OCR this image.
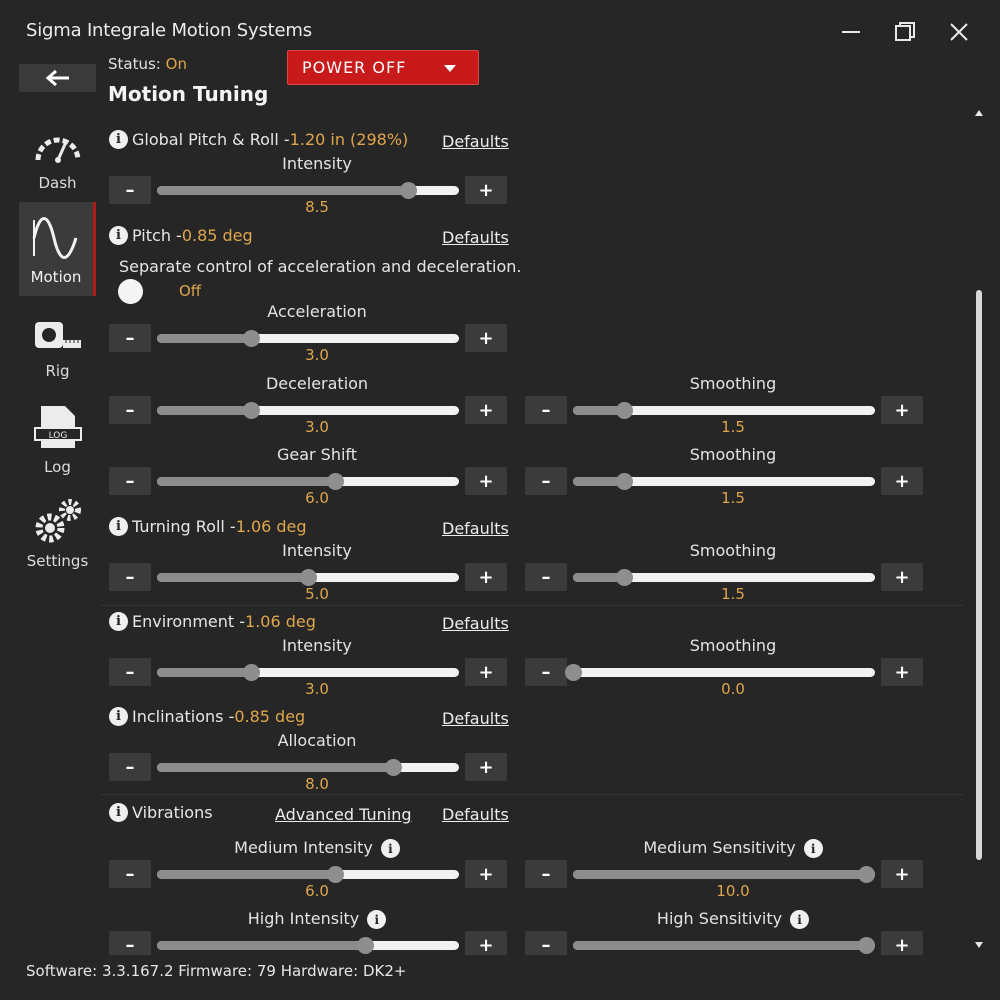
Sigma Integrale Motion Systems
Dash
Motion
Rig
LOG
Log
Settings
Status: On
Motion Tuning
POWER OFF
i Global Pitch & Roll - 1.20 in (298%) Defaults
Intensity
–	+
8.5
i Pitch - 0.85 deg	Defaults
Separate control of acceleration and deceleration.
Off
Acceleration
–	+
3.0
Deceleration
–	+
3.0
Smoothing
–	+
1.5
Gear Shift
–	+
6.0
Smoothing
–	+
1.5
i Turning Roll - 1.06 deg	Defaults
Intensity
–	+
5.0
Smoothing
–	+
1.5
i Environment - 1.06 deg	Defaults
Intensity
–	+
3.0
Smoothing
–	+
0.0
i Inclinations - 0.85 deg	Defaults
Allocation
–	+
8.0
i Vibrations	Advanced Tuning Defaults
Medium Intensity i
–	+
6.0
Medium Sensitivity i
–	+
10.0
High Intensity i
–	+
High Sensitivity i
–	+
Software: 3.3.167.2 Firmware: 79 Hardware: DK2+
